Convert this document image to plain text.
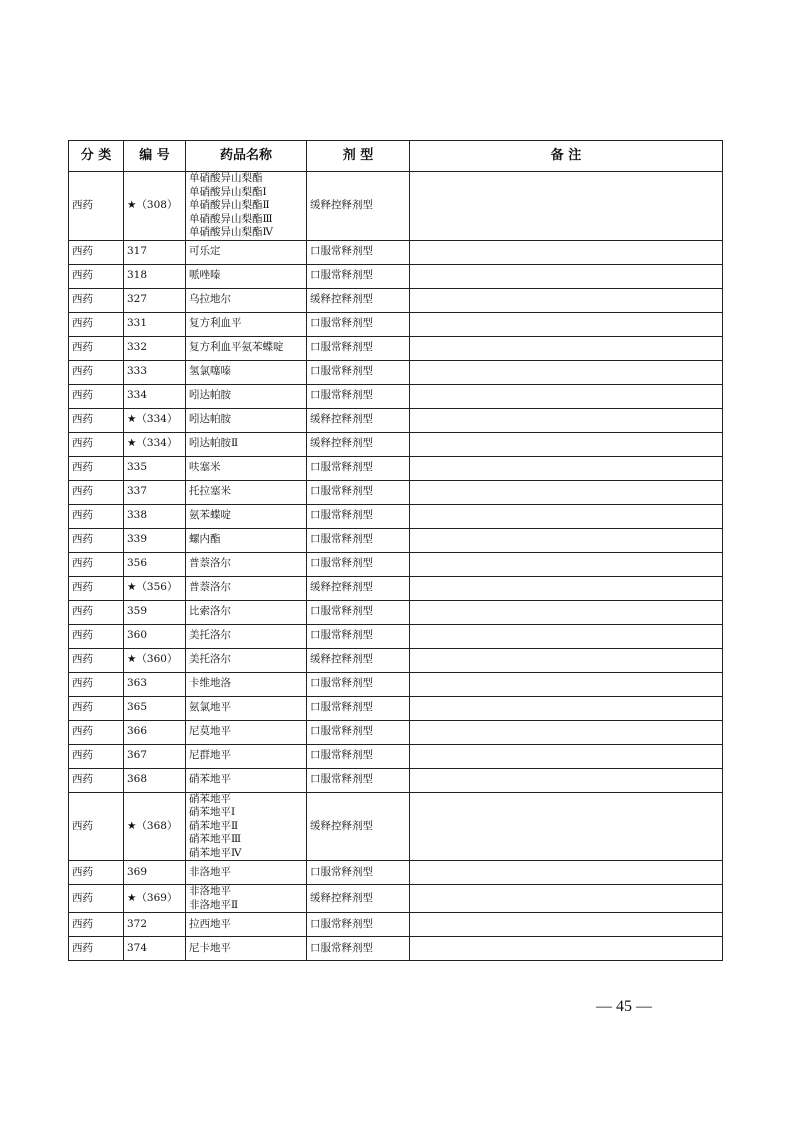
分 类	编 号	药品名称	剂 型	备 注
西药	★（308）	单硝酸异山梨酯
单硝酸异山梨酯Ⅰ
单硝酸异山梨酯Ⅱ
单硝酸异山梨酯Ⅲ
单硝酸异山梨酯Ⅳ	缓释控释剂型	
西药	317	可乐定	口服常释剂型	
西药	318	哌唑嗪	口服常释剂型	
西药	327	乌拉地尔	缓释控释剂型	
西药	331	复方利血平	口服常释剂型	
西药	332	复方利血平氨苯蝶啶	口服常释剂型	
西药	333	氢氯噻嗪	口服常释剂型	
西药	334	吲达帕胺	口服常释剂型	
西药	★（334）	吲达帕胺	缓释控释剂型	
西药	★（334）	吲达帕胺Ⅱ	缓释控释剂型	
西药	335	呋塞米	口服常释剂型	
西药	337	托拉塞米	口服常释剂型	
西药	338	氨苯蝶啶	口服常释剂型	
西药	339	螺内酯	口服常释剂型	
西药	356	普萘洛尔	口服常释剂型	
西药	★（356）	普萘洛尔	缓释控释剂型	
西药	359	比索洛尔	口服常释剂型	
西药	360	美托洛尔	口服常释剂型	
西药	★（360）	美托洛尔	缓释控释剂型	
西药	363	卡维地洛	口服常释剂型	
西药	365	氨氯地平	口服常释剂型	
西药	366	尼莫地平	口服常释剂型	
西药	367	尼群地平	口服常释剂型	
西药	368	硝苯地平	口服常释剂型	
西药	★（368）	硝苯地平
硝苯地平Ⅰ
硝苯地平Ⅱ
硝苯地平Ⅲ
硝苯地平Ⅳ	缓释控释剂型	
西药	369	非洛地平	口服常释剂型	
西药	★（369）	非洛地平
非洛地平Ⅱ	缓释控释剂型	
西药	372	拉西地平	口服常释剂型	
西药	374	尼卡地平	口服常释剂型	
— 45 —
